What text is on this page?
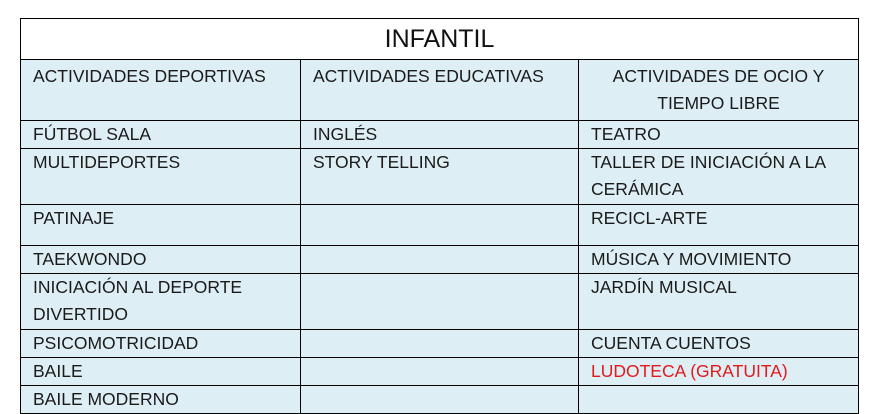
INFANTIL		
ACTIVIDADES DEPORTIVAS	ACTIVIDADES EDUCATIVAS	ACTIVIDADES DE OCIO Y TIEMPO LIBRE
FÚTBOL SALA	INGLÉS	TEATRO
MULTIDEPORTES	STORY TELLING	TALLER DE INICIACIÓN A LA CERÁMICA
PATINAJE		RECICL-ARTE
TAEKWONDO		MÚSICA Y MOVIMIENTO
INICIACIÓN AL DEPORTE DIVERTIDO		JARDÍN MUSICAL
PSICOMOTRICIDAD		CUENTA CUENTOS
BAILE		LUDOTECA (GRATUITA)
BAILE MODERNO		
